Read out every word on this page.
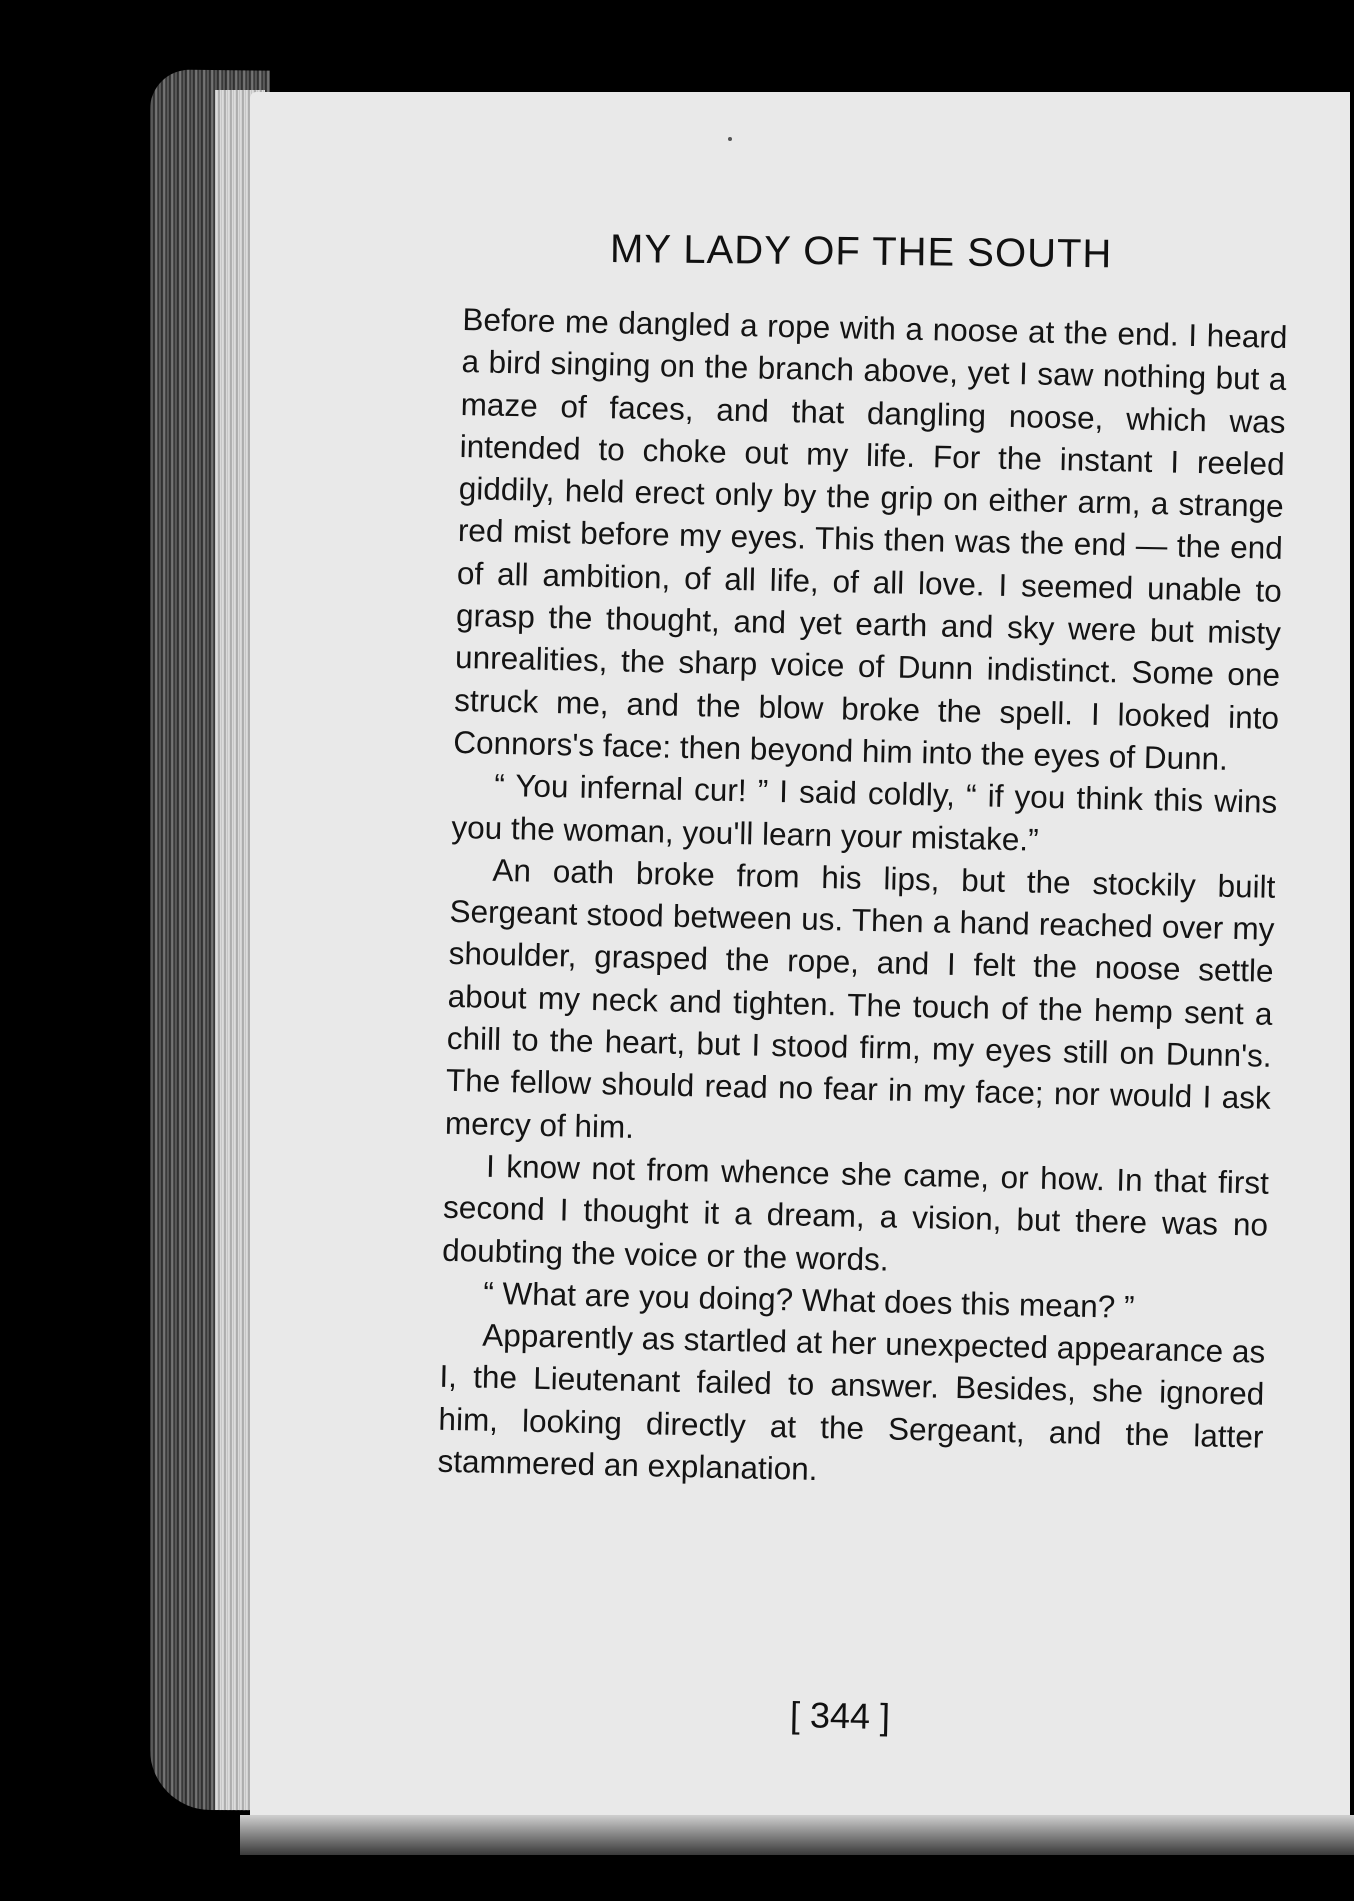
MY LADY OF THE SOUTH

Before me dangled a rope with a noose at the end. I heard a bird singing on the branch above, yet I saw nothing but a maze of faces, and that dangling noose, which was intended to choke out my life. For the instant I reeled giddily, held erect only by the grip on either arm, a strange red mist before my eyes. This then was the end — the end of all ambition, of all life, of all love. I seemed unable to grasp the thought, and yet earth and sky were but misty unrealities, the sharp voice of Dunn indistinct. Some one struck me, and the blow broke the spell. I looked into Connors's face: then beyond him into the eyes of Dunn.

“ You infernal cur! ” I said coldly, “ if you think this wins you the woman, you'll learn your mistake.”

An oath broke from his lips, but the stockily built Sergeant stood between us. Then a hand reached over my shoulder, grasped the rope, and I felt the noose settle about my neck and tighten. The touch of the hemp sent a chill to the heart, but I stood firm, my eyes still on Dunn's. The fellow should read no fear in my face; nor would I ask mercy of him.

I know not from whence she came, or how. In that first second I thought it a dream, a vision, but there was no doubting the voice or the words.

“ What are you doing? What does this mean? ”

Apparently as startled at her unexpected appearance as I, the Lieutenant failed to answer. Besides, she ignored him, looking directly at the Sergeant, and the latter stammered an explanation.

[ 344 ]
